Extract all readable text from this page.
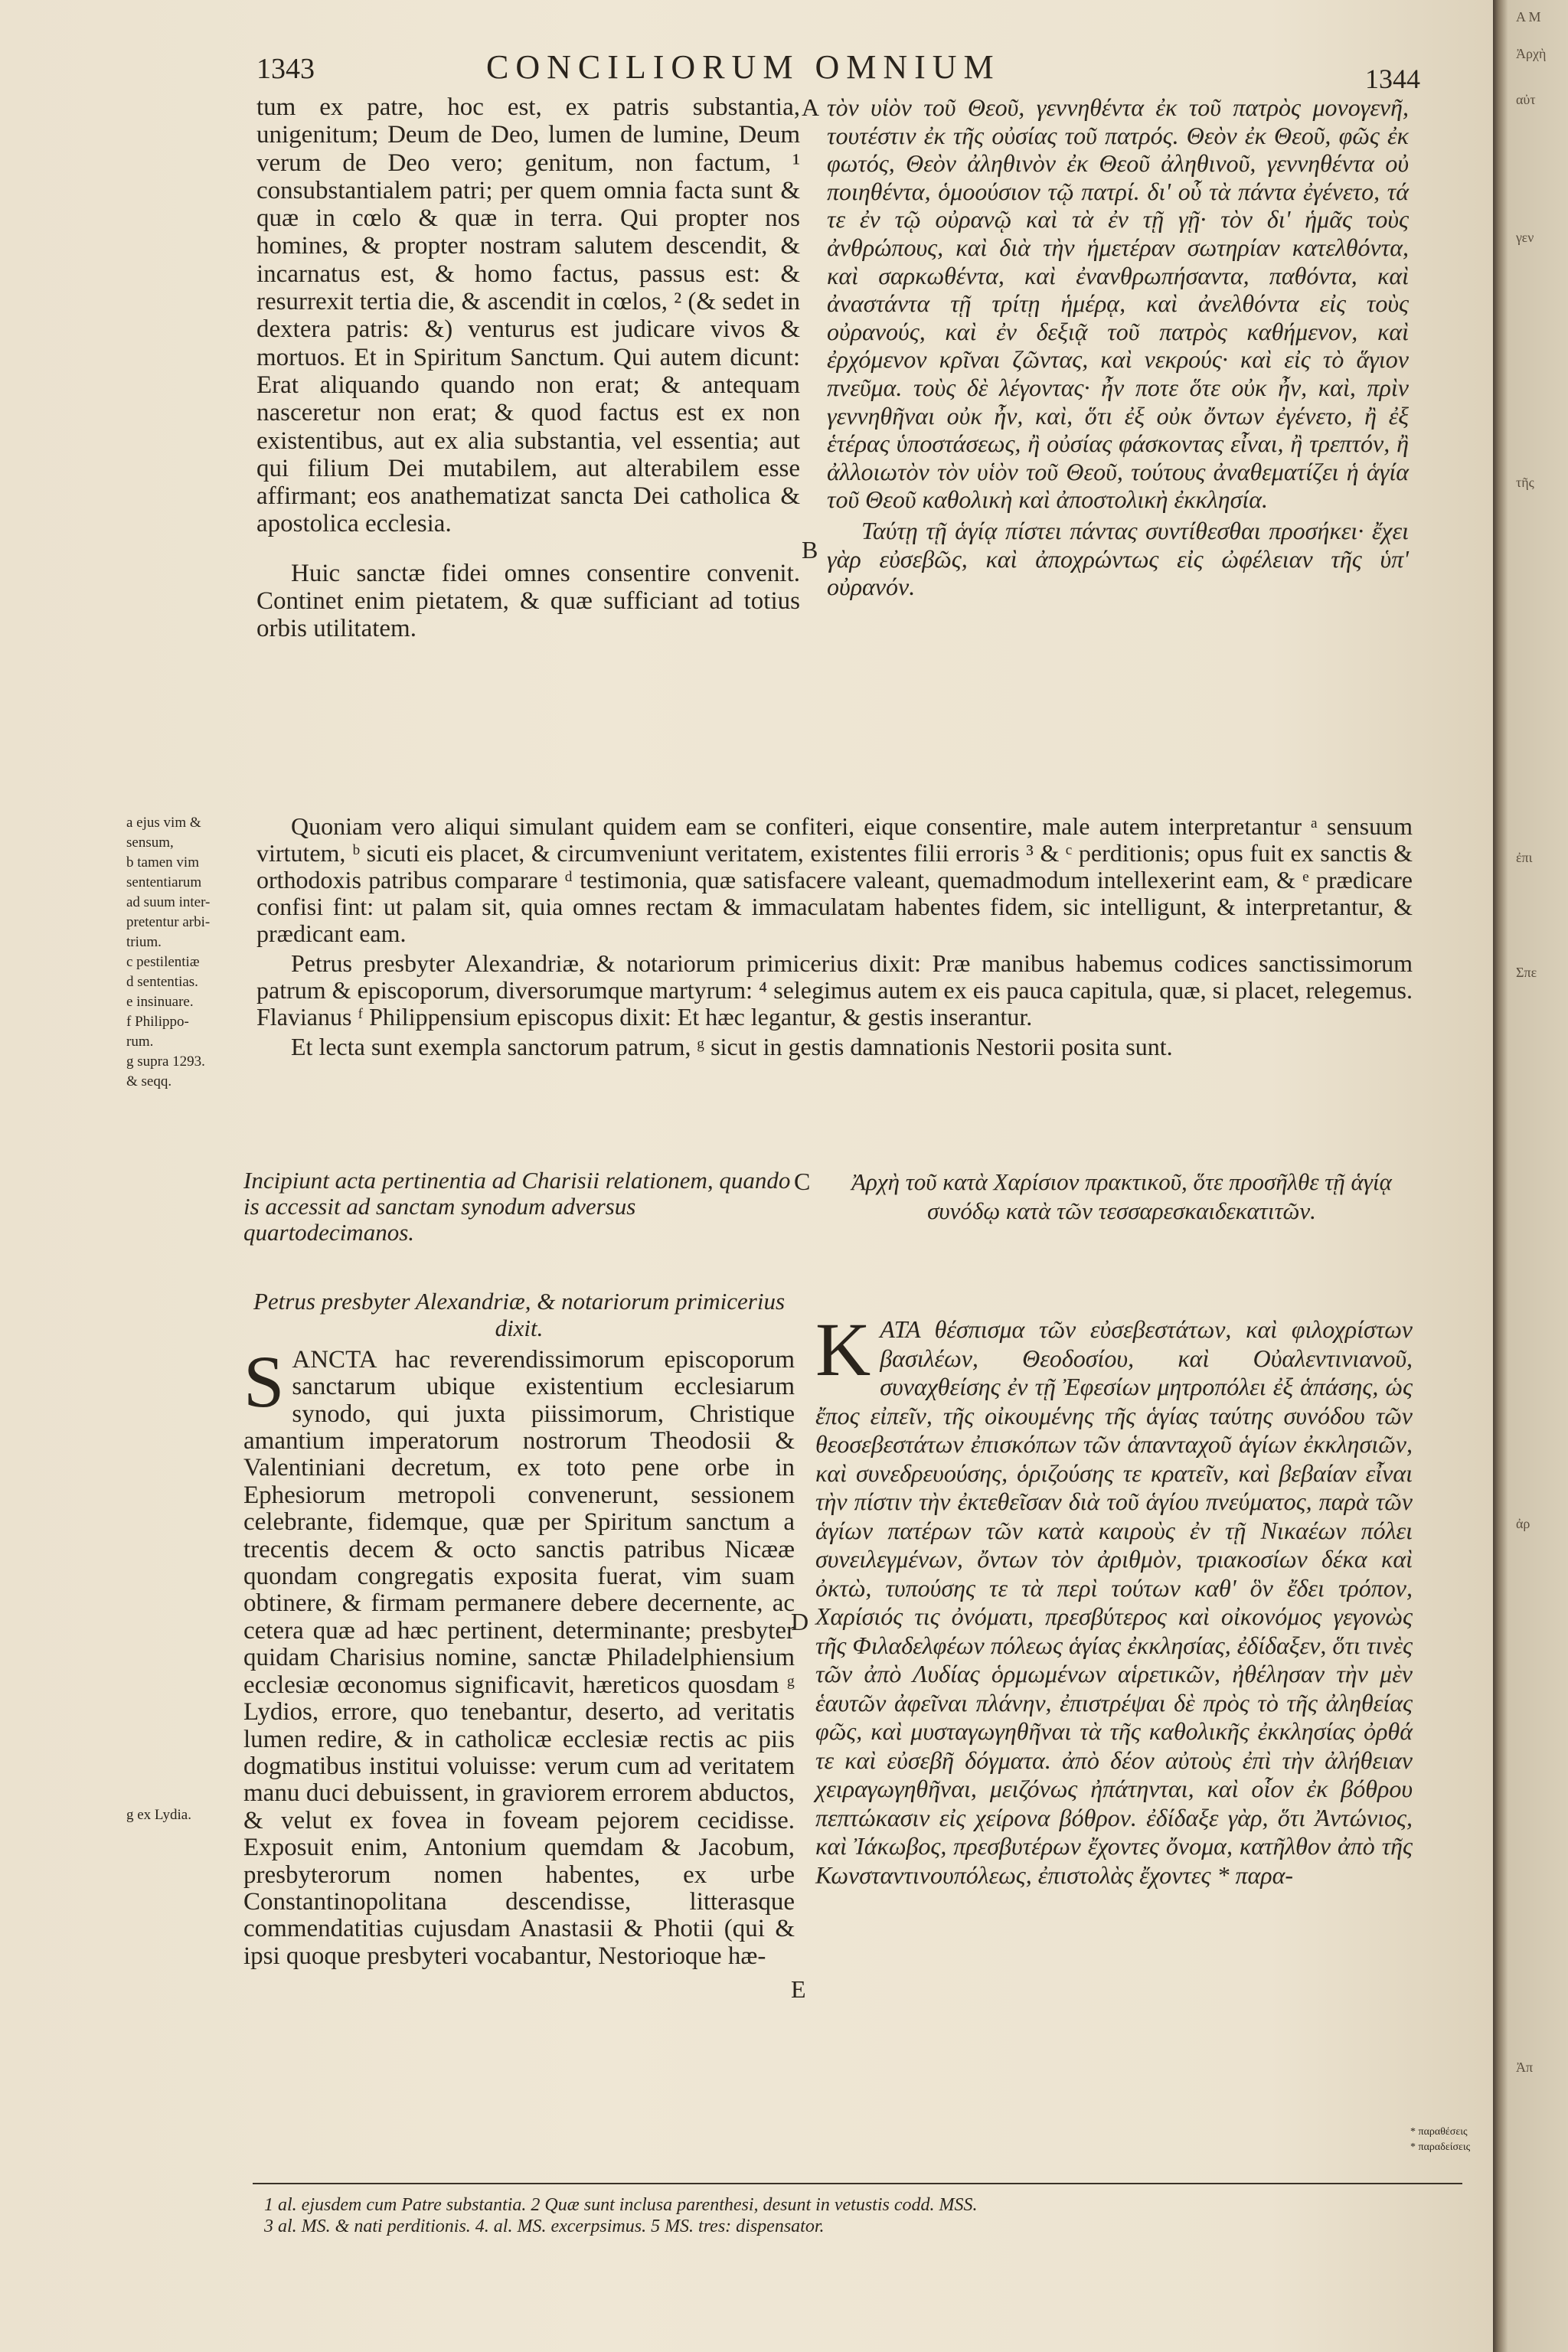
1343	CONCILIORUM OMNIUM	1344

tum ex patre, hoc est, ex patris substantia, unigenitum; Deum de Deo, lumen de lumine, Deum verum de Deo vero; genitum, non factum, ¹ consubstantialem patri; per quem omnia facta sunt & quæ in cœlo & quæ in terra. Qui propter nos homines, & propter nostram salutem descendit, & incarnatus est, & homo factus, passus est: & resurrexit tertia die, & ascendit in cœlos, ² (& sedet in dextera patris: &) venturus est judicare vivos & mortuos. Et in Spiritum Sanctum. Qui autem dicunt: Erat aliquando quando non erat; & antequam nasceretur non erat; & quod factus est ex non existentibus, aut ex alia substantia, vel essentia; aut qui filium Dei mutabilem, aut alterabilem esse affirmant; eos anathematizat sancta Dei catholica & apostolica ecclesia.

Huic sanctæ fidei omnes consentire convenit. Continet enim pietatem, & quæ sufficiant ad totius orbis utilitatem.

A
B

τὸν υἱὸν τοῦ Θεοῦ, γεννηθέντα ἐκ τοῦ πατρὸς μονογενῆ, τουτέστιν ἐκ τῆς οὐσίας τοῦ πατρός. Θεὸν ἐκ Θεοῦ, φῶς ἐκ φωτός, Θεὸν ἀληθινὸν ἐκ Θεοῦ ἀληθινοῦ, γεννηθέντα οὐ ποιηθέντα, ὁμοούσιον τῷ πατρί. δι' οὗ τὰ πάντα ἐγένετο, τά τε ἐν τῷ οὐρανῷ καὶ τὰ ἐν τῇ γῇ· τὸν δι' ἡμᾶς τοὺς ἀνθρώπους, καὶ διὰ τὴν ἡμετέραν σωτηρίαν κατελθόντα, καὶ σαρκωθέντα, καὶ ἐνανθρωπήσαντα, παθόντα, καὶ ἀναστάντα τῇ τρίτῃ ἡμέρᾳ, καὶ ἀνελθόντα εἰς τοὺς οὐρανούς, καὶ ἐν δεξιᾷ τοῦ πατρὸς καθήμενον, καὶ ἐρχόμενον κρῖναι ζῶντας, καὶ νεκρούς· καὶ εἰς τὸ ἅγιον πνεῦμα. τοὺς δὲ λέγοντας· ἦν ποτε ὅτε οὐκ ἦν, καὶ, πρὶν γεννηθῆναι οὐκ ἦν, καὶ, ὅτι ἐξ οὐκ ὄντων ἐγένετο, ἢ ἐξ ἑτέρας ὑποστάσεως, ἢ οὐσίας φάσκοντας εἶναι, ἢ τρεπτόν, ἢ ἀλλοιωτὸν τὸν υἱὸν τοῦ Θεοῦ, τούτους ἀναθεματίζει ἡ ἁγία τοῦ Θεοῦ καθολικὴ καὶ ἀποστολικὴ ἐκκλησία.

Ταύτῃ τῇ ἁγίᾳ πίστει πάντας συντίθεσθαι προσήκει· ἔχει γὰρ εὐσεβῶς, καὶ ἀποχρώντως εἰς ὠφέλειαν τῆς ὑπ' οὐρανόν.

a ejus vim &
sensum,
b tamen vim
sententiarum
ad suum inter-
pretentur arbi-
trium.
c pestilentiæ
d sententias.
e insinuare.
f Philippo-
rum.
g supra 1293.
& seqq.

Quoniam vero aliqui simulant quidem eam se confiteri, eique consentire, male autem interpretantur ᵃ sensuum virtutem, ᵇ sicuti eis placet, & circumveniunt veritatem, existentes filii erroris ³ & ᶜ perditionis; opus fuit ex sanctis & orthodoxis patribus comparare ᵈ testimonia, quæ satisfacere valeant, quemadmodum intellexerint eam, & ᵉ prædicare confisi fint: ut palam sit, quia omnes rectam & immaculatam habentes fidem, sic intelligunt, & interpretantur, & prædicant eam.

Petrus presbyter Alexandriæ, & notariorum primicerius dixit: Præ manibus habemus codices sanctissimorum patrum & episcoporum, diversorumque martyrum: ⁴ selegimus autem ex eis pauca capitula, quæ, si placet, relegemus. Flavianus ᶠ Philippensium episcopus dixit: Et hæc legantur, & gestis inserantur.

Et lecta sunt exempla sanctorum patrum, ᵍ sicut in gestis damnationis Nestorii posita sunt.

Incipiunt acta pertinentia ad Charisii relationem, quando is accessit ad sanctam synodum adversus quartodecimanos.

C	Ἀρχὴ τοῦ κατὰ Χαρίσιον πρακτικοῦ, ὅτε προσῆλθε τῇ ἁγίᾳ συνόδῳ κατὰ τῶν τεσσαρεσκαιδεκατιτῶν.

Petrus presbyter Alexandriæ, & notariorum primicerius dixit.

SANCTA hac reverendissimorum episcoporum sanctarum ubique existentium ecclesiarum synodo, qui juxta piissimorum, Christique amantium imperatorum nostrorum Theodosii & Valentiniani decretum, ex toto pene orbe in Ephesiorum metropoli convenerunt, sessionem celebrante, fidemque, quæ per Spiritum sanctum a trecentis decem & octo sanctis patribus Nicææ quondam congregatis exposita fuerat, vim suam obtinere, & firmam permanere debere decernente, ac cetera quæ ad hæc pertinent, determinante; presbyter quidam Charisius nomine, sanctæ Philadelphiensium ecclesiæ œconomus significavit, hæreticos quosdam ᵍ Lydios, errore, quo tenebantur, deserto, ad veritatis lumen redire, & in catholicæ ecclesiæ rectis ac piis dogmatibus institui voluisse: verum cum ad veritatem manu duci debuissent, in graviorem errorem abductos, & velut ex fovea in foveam pejorem cecidisse. Exposuit enim, Antonium quemdam & Jacobum, presbyterorum nomen habentes, ex urbe Constantinopolitana descendisse, litterasque commendatitias cujusdam Anastasii & Photii (qui & ipsi quoque presbyteri vocabantur, Nestorioque hæ-

D
E
g ex Lydia.

KΑΤΑ θέσπισμα τῶν εὐσεβεστάτων, καὶ φιλοχρίστων βασιλέων, Θεοδοσίου, καὶ Οὐαλεντινιανοῦ, συναχθείσης ἐν τῇ Ἐφεσίων μητροπόλει ἐξ ἁπάσης, ὡς ἔπος εἰπεῖν, τῆς οἰκουμένης τῆς ἁγίας ταύτης συνόδου τῶν θεοσεβεστάτων ἐπισκόπων τῶν ἁπανταχοῦ ἁγίων ἐκκλησιῶν, καὶ συνεδρευούσης, ὁριζούσης τε κρατεῖν, καὶ βεβαίαν εἶναι τὴν πίστιν τὴν ἐκτεθεῖσαν διὰ τοῦ ἁγίου πνεύματος, παρὰ τῶν ἁγίων πατέρων τῶν κατὰ καιροὺς ἐν τῇ Νικαέων πόλει συνειλεγμένων, ὄντων τὸν ἀριθμὸν, τριακοσίων δέκα καὶ ὀκτὼ, τυπούσης τε τὰ περὶ τούτων καθ' ὃν ἔδει τρόπον, Χαρίσιός τις ὀνόματι, πρεσβύτερος καὶ οἰκονόμος γεγονὼς τῆς Φιλαδελφέων πόλεως ἁγίας ἐκκλησίας, ἐδίδαξεν, ὅτι τινὲς τῶν ἀπὸ Λυδίας ὁρμωμένων αἱρετικῶν, ἠθέλησαν τὴν μὲν ἑαυτῶν ἀφεῖναι πλάνην, ἐπιστρέψαι δὲ πρὸς τὸ τῆς ἀληθείας φῶς, καὶ μυσταγωγηθῆναι τὰ τῆς καθολικῆς ἐκκλησίας ὀρθά τε καὶ εὐσεβῆ δόγματα. ἀπὸ δέον αὐτοὺς ἐπὶ τὴν ἀλήθειαν χειραγωγηθῆναι, μειζόνως ἠπάτηνται, καὶ οἷον ἐκ βόθρου πεπτώκασιν εἰς χείρονα βόθρον. ἐδίδαξε γὰρ, ὅτι Ἀντώνιος, καὶ Ἰάκωβος, πρεσβυτέρων ἔχοντες ὄνομα, κατῆλθον ἀπὸ τῆς Κωνσταντινουπόλεως, ἐπιστολὰς ἔχοντες * παρα-

* παραθέσεις
* παραδείσεις
1 al. ejusdem cum Patre substantia. 2 Quæ sunt inclusa parenthesi, desunt in vetustis codd. MSS.
3 al. MS. & nati perditionis. 4. al. MS. excerpsimus. 5 MS. tres: dispensator.
A M
Ἀρχὴ
αὐτ
γεν
τῆς
ἐπι
Σπε
ἀρ
Ἀπ
